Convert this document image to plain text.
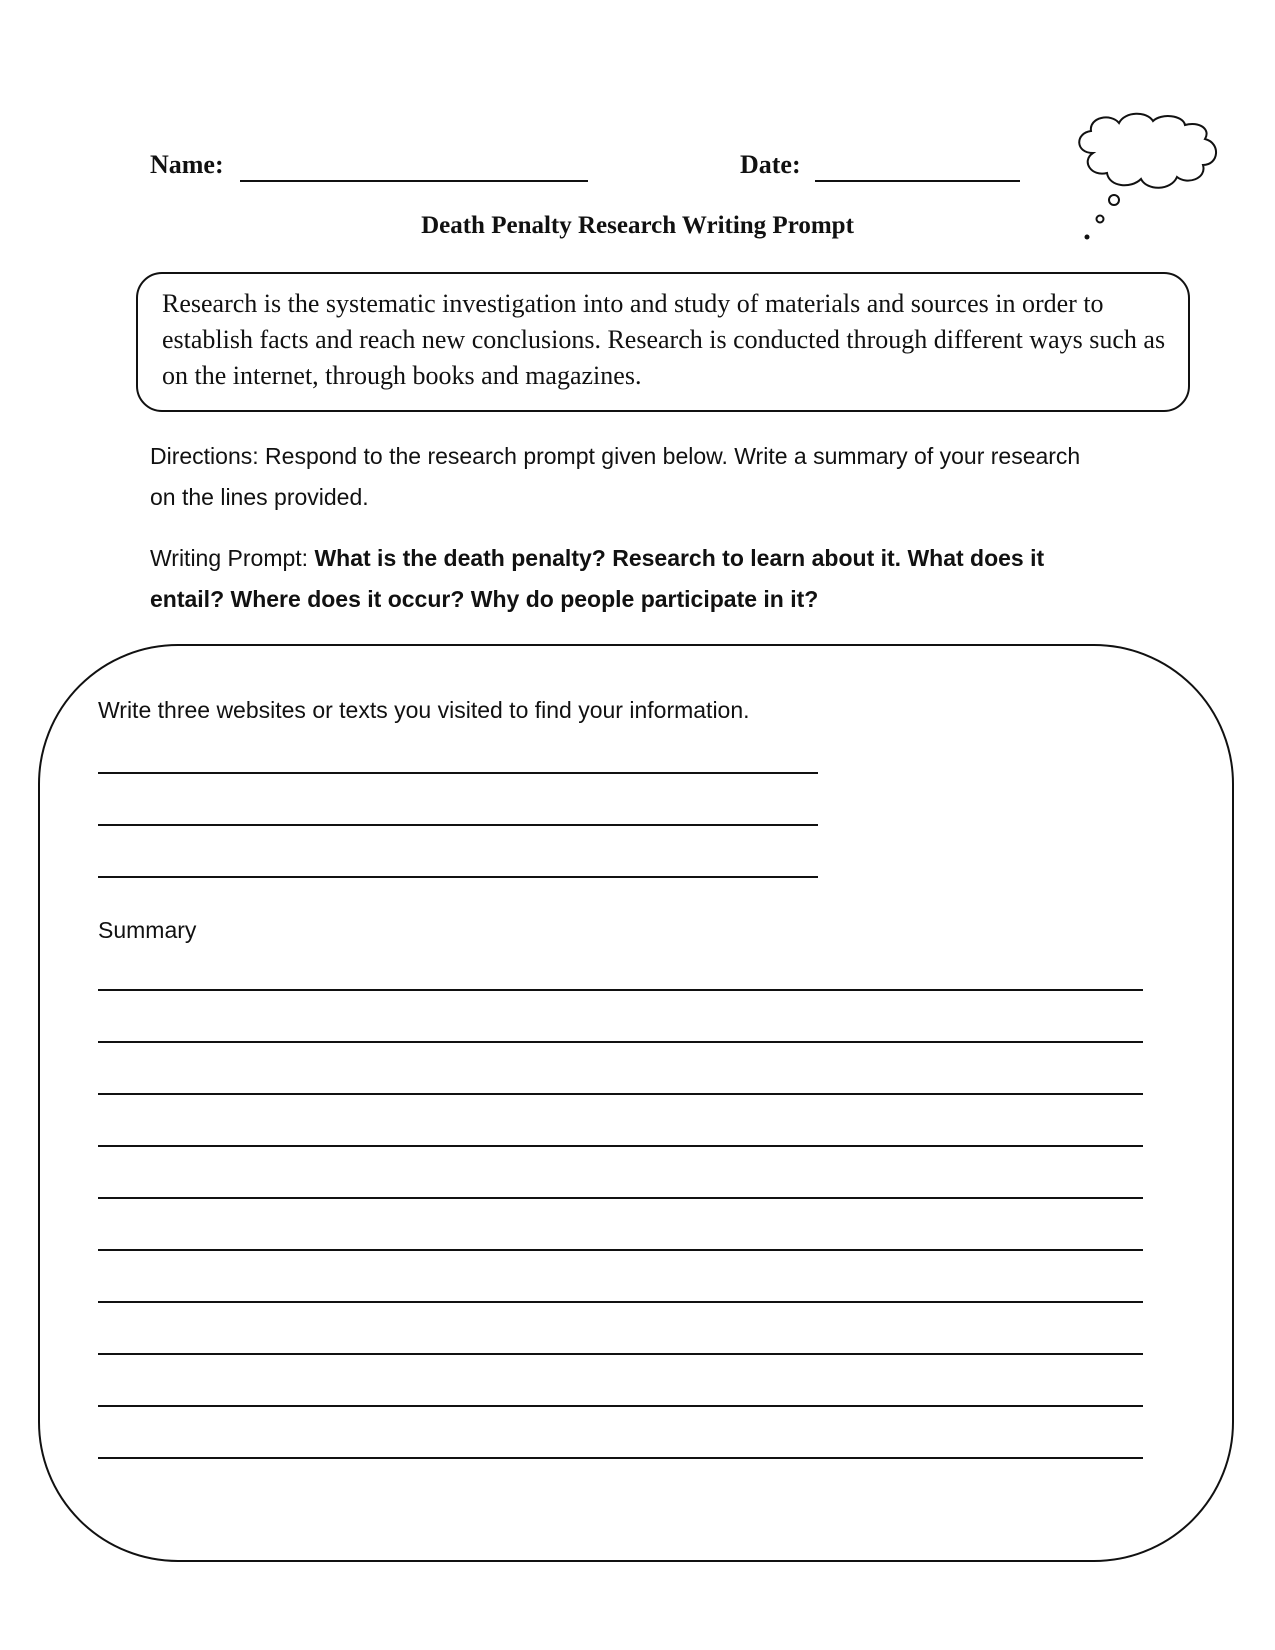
Name:	Date:
Death Penalty Research Writing Prompt
Research is the systematic investigation into and study of materials and sources in order to establish facts and reach new conclusions. Research is conducted through different ways such as on the internet, through books and magazines.
Directions: Respond to the research prompt given below. Write a summary of your research on the lines provided.
Writing Prompt: What is the death penalty? Research to learn about it. What does it entail? Where does it occur? Why do people participate in it?
Write three websites or texts you visited to find your information.
Summary
